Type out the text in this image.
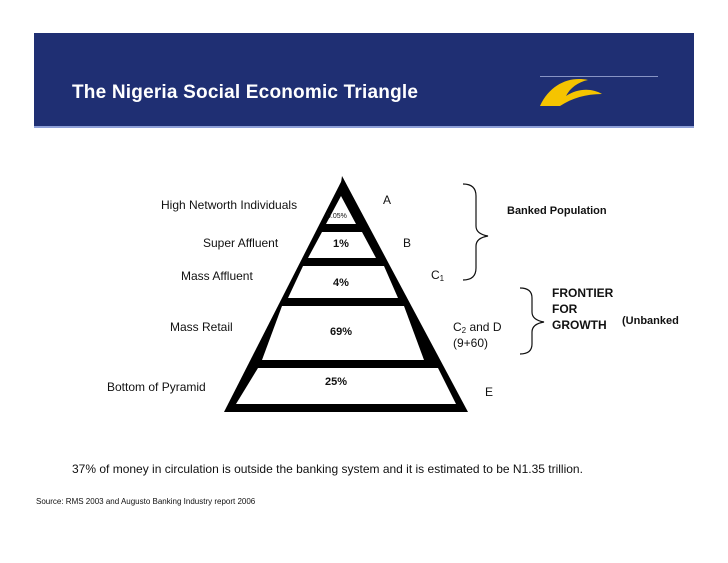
The Nigeria Social Economic Triangle
High Networth Individuals
Super Affluent
Mass Affluent
Mass Retail
Bottom of Pyramid
0.05%
1%
4%
69%
25%
A
B
$C_1$
$C_2$ and D
(9+60)
E
Banked Population
FRONTIER
FOR
GROWTH (Unbanked
37% of money in circulation is outside the banking system and it is estimated to be N1.35 trillion.
Source: RMS 2003 and Augusto Banking Industry report 2006
